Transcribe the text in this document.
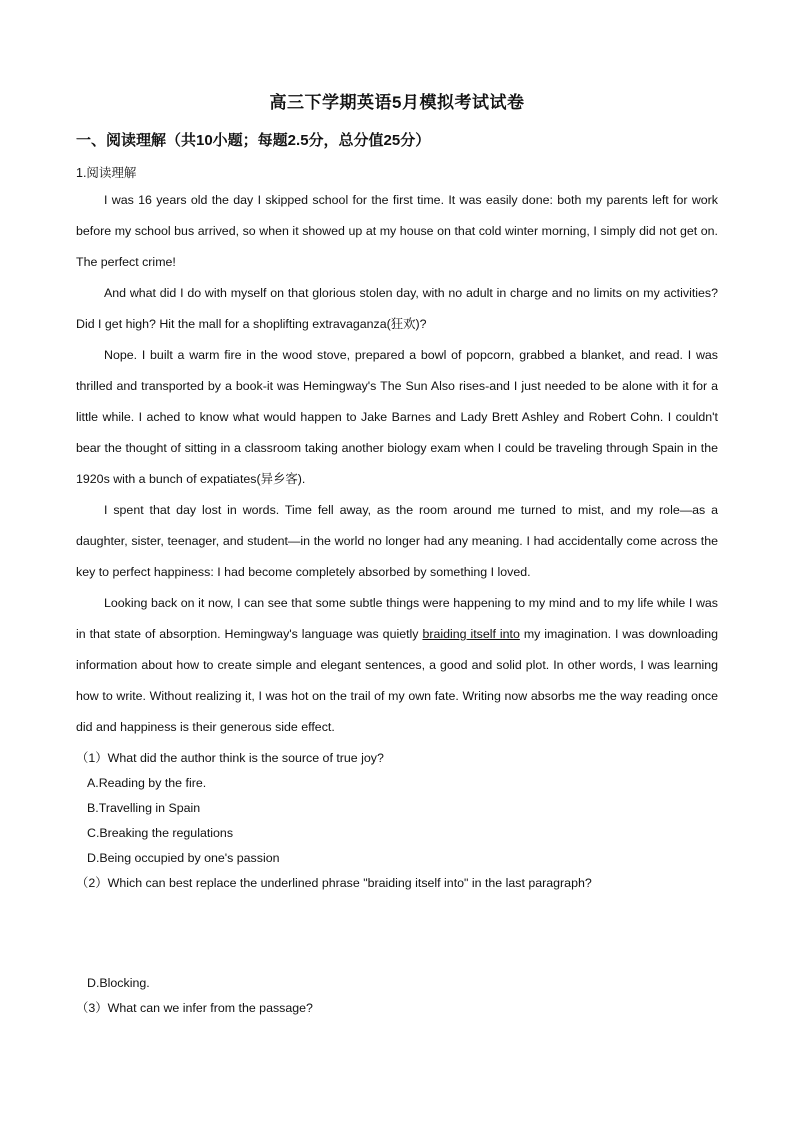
高三下学期英语5月模拟考试试卷
一、阅读理解（共10小题；每题2.5分，总分值25分）
1.阅读理解

I was 16 years old the day I skipped school for the first time. It was easily done: both my parents left for work before my school bus arrived, so when it showed up at my house on that cold winter morning, I simply did not get on. The perfect crime!

And what did I do with myself on that glorious stolen day, with no adult in charge and no limits on my activities? Did I get high? Hit the mall for a shoplifting extravaganza(狂欢)?

Nope. I built a warm fire in the wood stove, prepared a bowl of popcorn, grabbed a blanket, and read. I was thrilled and transported by a book-it was Hemingway's The Sun Also rises-and I just needed to be alone with it for a little while. I ached to know what would happen to Jake Barnes and Lady Brett Ashley and Robert Cohn. I couldn't bear the thought of sitting in a classroom taking another biology exam when I could be traveling through Spain in the 1920s with a bunch of expatiates(异乡客).

I spent that day lost in words. Time fell away, as the room around me turned to mist, and my role—as a daughter, sister, teenager, and student—in the world no longer had any meaning. I had accidentally come across the key to perfect happiness: I had become completely absorbed by something I loved.

Looking back on it now, I can see that some subtle things were happening to my mind and to my life while I was in that state of absorption. Hemingway's language was quietly braiding itself into my imagination. I was downloading information about how to create simple and elegant sentences, a good and solid plot. In other words, I was learning how to write. Without realizing it, I was hot on the trail of my own fate. Writing now absorbs me the way reading once did and happiness is their generous side effect.

（1）What did the author think is the source of true joy?
A.Reading by the fire.
B.Travelling in Spain
C.Breaking the regulations
D.Being occupied by one's passion
（2）Which can best replace the underlined phrase "braiding itself into" in the last paragraph?
D.Blocking.
（3）What can we infer from the passage?
